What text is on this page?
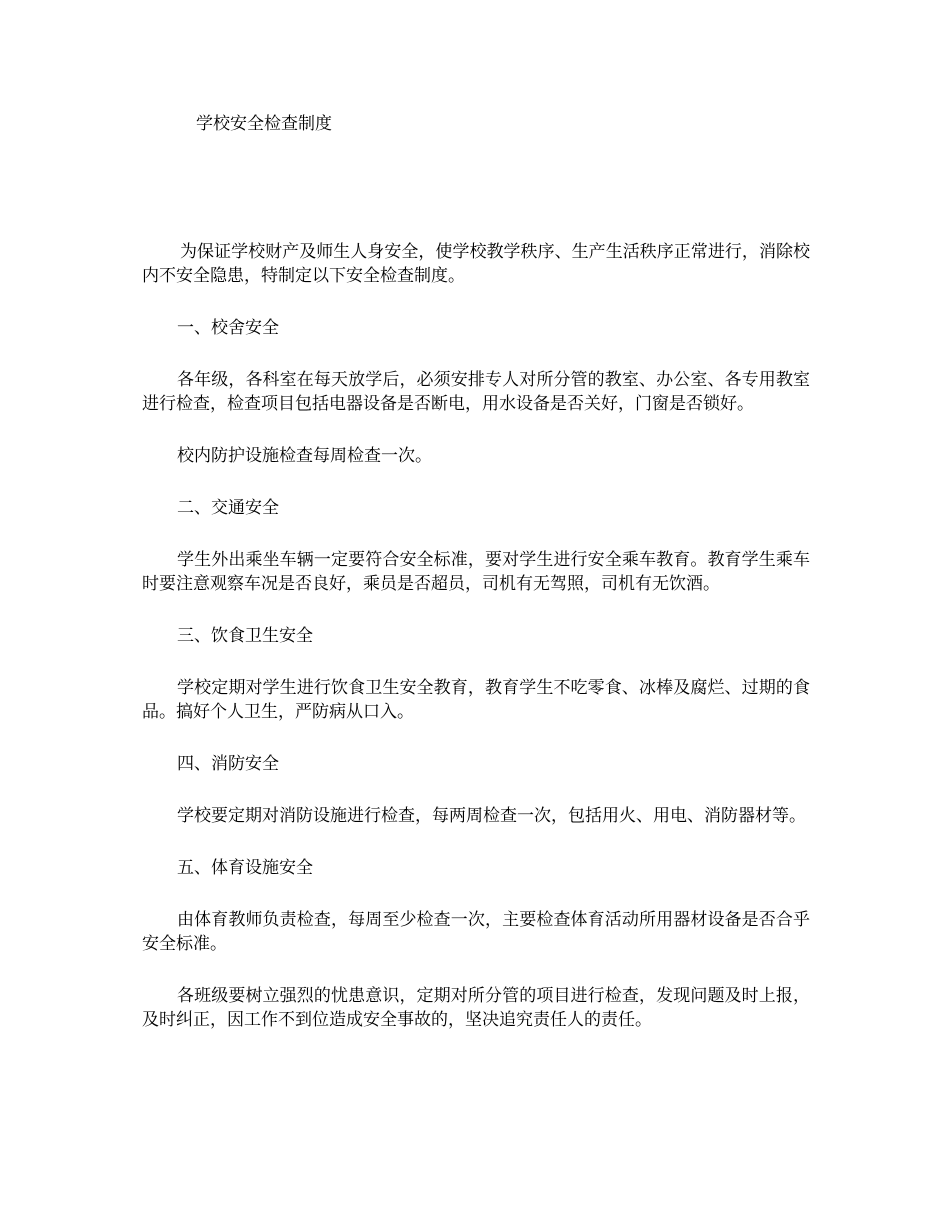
学校安全检查制度

为保证学校财产及师生人身安全，使学校教学秩序、生产生活秩序正常进行，消除校内不安全隐患，特制定以下安全检查制度。

一、校舍安全

各年级，各科室在每天放学后，必须安排专人对所分管的教室、办公室、各专用教室进行检查，检查项目包括电器设备是否断电，用水设备是否关好，门窗是否锁好。

校内防护设施检查每周检查一次。

二、交通安全

学生外出乘坐车辆一定要符合安全标准，要对学生进行安全乘车教育。教育学生乘车时要注意观察车况是否良好，乘员是否超员，司机有无驾照，司机有无饮酒。

三、饮食卫生安全

学校定期对学生进行饮食卫生安全教育，教育学生不吃零食、冰棒及腐烂、过期的食品。搞好个人卫生，严防病从口入。

四、消防安全

学校要定期对消防设施进行检查，每两周检查一次，包括用火、用电、消防器材等。

五、体育设施安全

由体育教师负责检查，每周至少检查一次，主要检查体育活动所用器材设备是否合乎安全标准。

各班级要树立强烈的忧患意识，定期对所分管的项目进行检查，发现问题及时上报，及时纠正，因工作不到位造成安全事故的，坚决追究责任人的责任。
